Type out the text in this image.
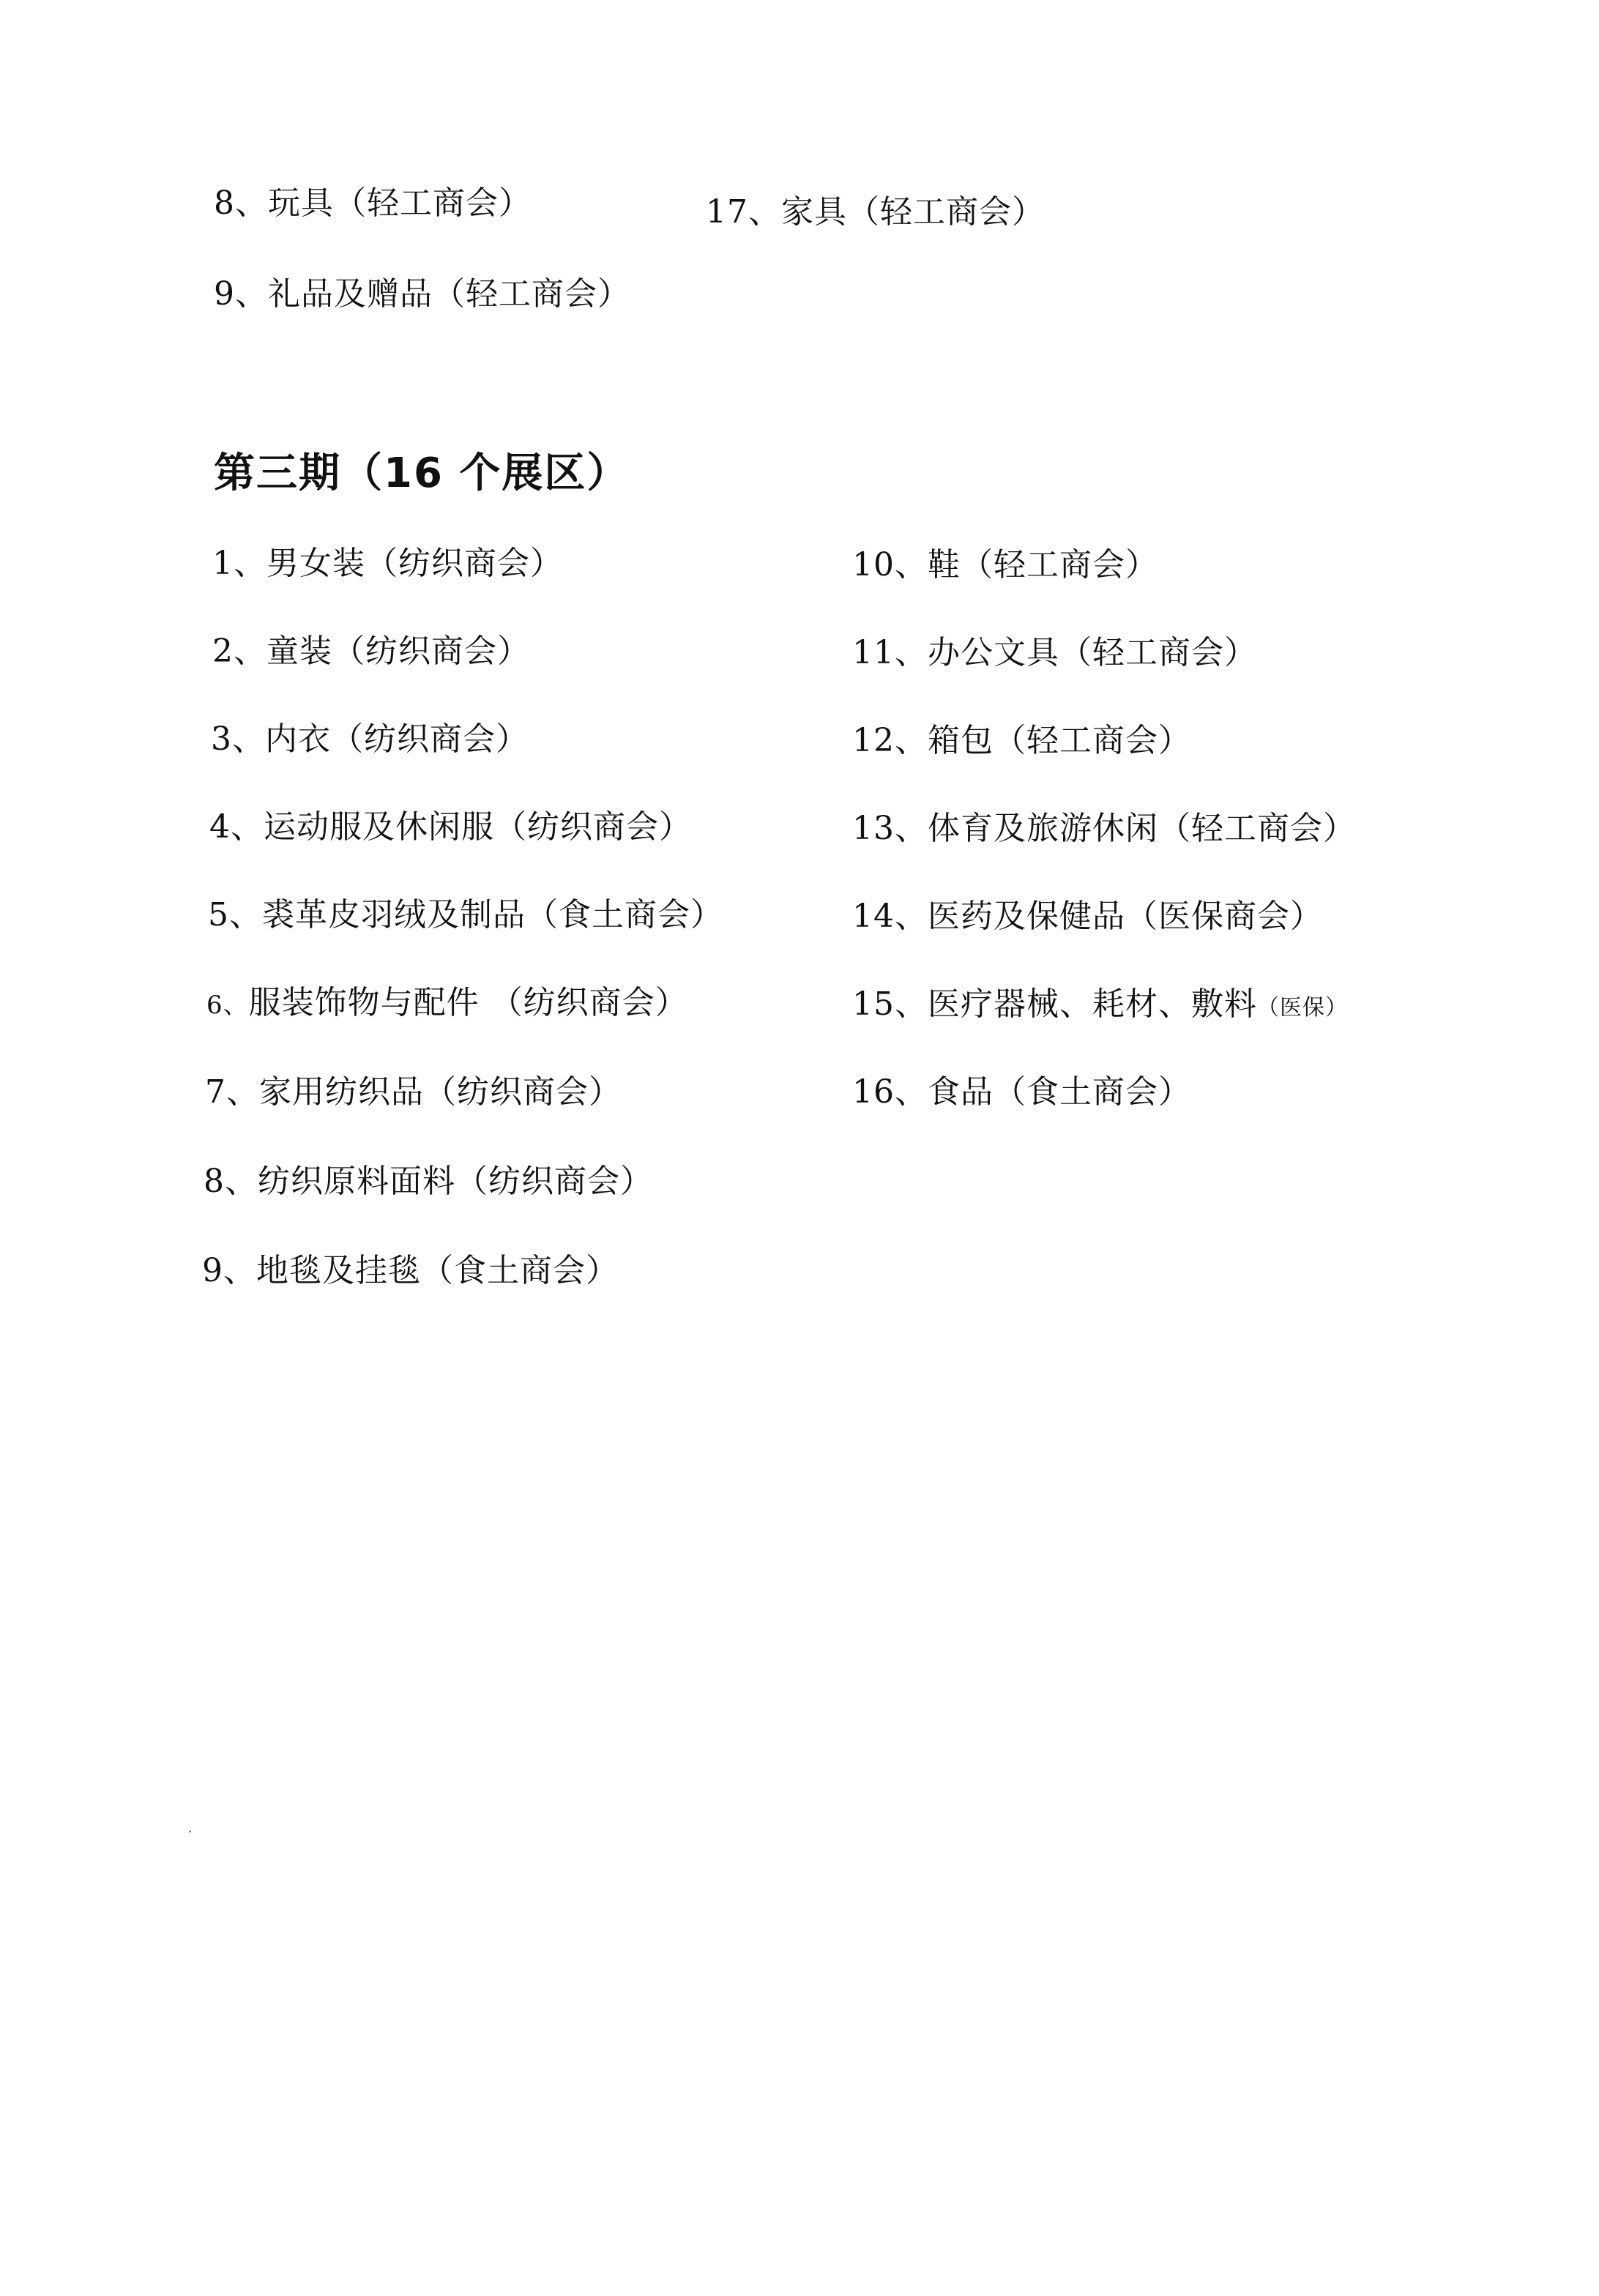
8、玩具（轻工商会）
9、礼品及赠品（轻工商会）
17、家具（轻工商会）
第三期（16 个展区）
1、男女装（纺织商会）
2、童装（纺织商会）
3、内衣（纺织商会）
4、运动服及休闲服（纺织商会）
5、裘革皮羽绒及制品（食土商会）
6、服装饰物与配件 （纺织商会）
7、家用纺织品（纺织商会）
8、纺织原料面料（纺织商会）
9、地毯及挂毯（食土商会）
10、鞋（轻工商会）
11、办公文具（轻工商会）
12、箱包（轻工商会）
13、体育及旅游休闲（轻工商会）
14、医药及保健品（医保商会）
15、医疗器械、耗材、敷料（医保）
16、食品（食土商会）
